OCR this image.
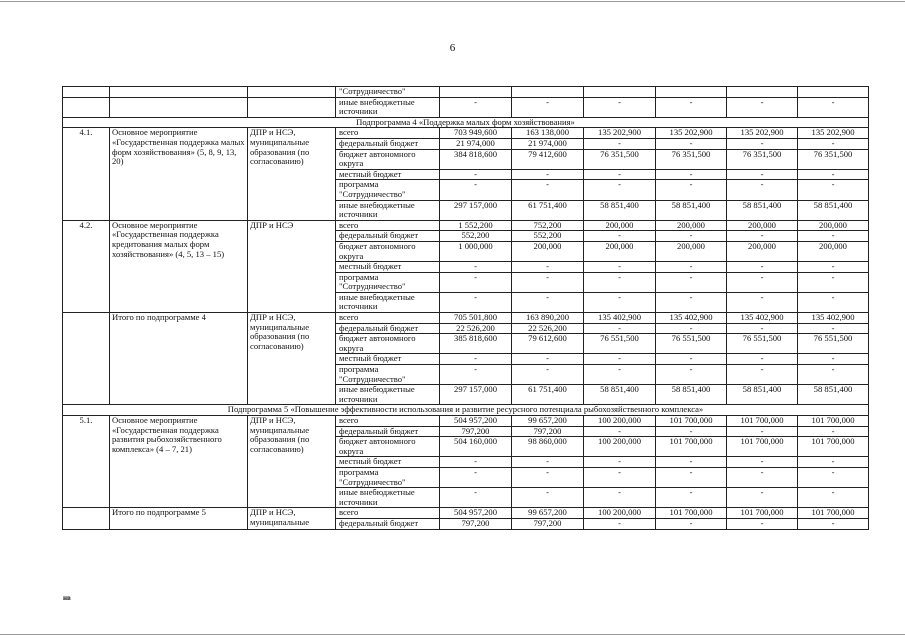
6
			"Сотрудничество"						
			иные внебюджетные источники	-	-	-	-	-	-
Подпрограмма 4 «Поддержка малых форм хозяйствования»									
4.1.	Основное мероприятие «Государственная поддержка малых форм хозяйствования» (5, 8, 9, 13, 20)	ДПР и НСЭ, муниципальные образования (по согласованию)	всего	703 949,600	163 138,000	135 202,900	135 202,900	135 202,900	135 202,900
			федеральный бюджет	21 974,000	21 974,000	-	-	-	-
			бюджет автономного округа	384 818,600	79 412,600	76 351,500	76 351,500	76 351,500	76 351,500
			местный бюджет	-	-	-	-	-	-
			программа "Сотрудничество"	-	-	-	-	-	-
			иные внебюджетные источники	297 157,000	61 751,400	58 851,400	58 851,400	58 851,400	58 851,400
4.2.	Основное мероприятие «Государственная поддержка кредитования малых форм хозяйствования» (4, 5, 13 – 15)	ДПР и НСЭ	всего	1 552,200	752,200	200,000	200,000	200,000	200,000
			федеральный бюджет	552,200	552,200	-	-	-	-
			бюджет автономного округа	1 000,000	200,000	200,000	200,000	200,000	200,000
			местный бюджет	-	-	-	-	-	-
			программа "Сотрудничество"	-	-	-	-	-	-
			иные внебюджетные источники	-	-	-	-	-	-
	Итого по подпрограмме 4	ДПР и НСЭ, муниципальные образования (по согласованию)	всего	705 501,800	163 890,200	135 402,900	135 402,900	135 402,900	135 402,900
			федеральный бюджет	22 526,200	22 526,200	-	-	-	-
			бюджет автономного округа	385 818,600	79 612,600	76 551,500	76 551,500	76 551,500	76 551,500
			местный бюджет	-	-	-	-	-	-
			программа "Сотрудничество"	-	-	-	-	-	-
			иные внебюджетные источники	297 157,000	61 751,400	58 851,400	58 851,400	58 851,400	58 851,400
Подпрограмма 5 «Повышение эффективности использования и развитие ресурсного потенциала рыбохозяйственного комплекса»									
5.1.	Основное мероприятие «Государственная поддержка развития рыбохозяйственного комплекса» (4 – 7, 21)	ДПР и НСЭ, муниципальные образования (по согласованию)	всего	504 957,200	99 657,200	100 200,000	101 700,000	101 700,000	101 700,000
			федеральный бюджет	797,200	797,200	-	-	-	-
			бюджет автономного округа	504 160,000	98 860,000	100 200,000	101 700,000	101 700,000	101 700,000
			местный бюджет	-	-	-	-	-	-
			программа "Сотрудничество"	-	-	-	-	-	-
			иные внебюджетные источники	-	-	-	-	-	-
	Итого по подпрограмме 5	ДПР и НСЭ, муниципальные	всего	504 957,200	99 657,200	100 200,000	101 700,000	101 700,000	101 700,000
			федеральный бюджет	797,200	797,200	-	-	-	-
нв
